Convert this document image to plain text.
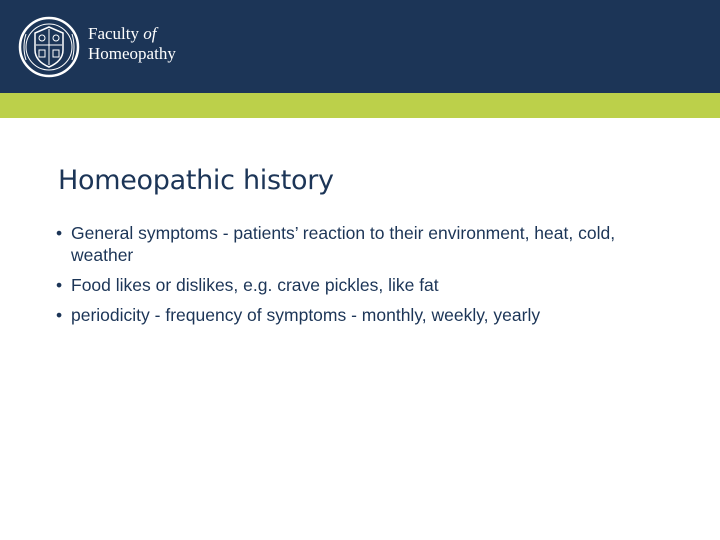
Faculty of
Homeopathy
Homeopathic history
• General symptoms - patients’ reaction to their environment, heat, cold, weather
• Food likes or dislikes, e.g. crave pickles, like fat
• periodicity - frequency of symptoms - monthly, weekly, yearly
